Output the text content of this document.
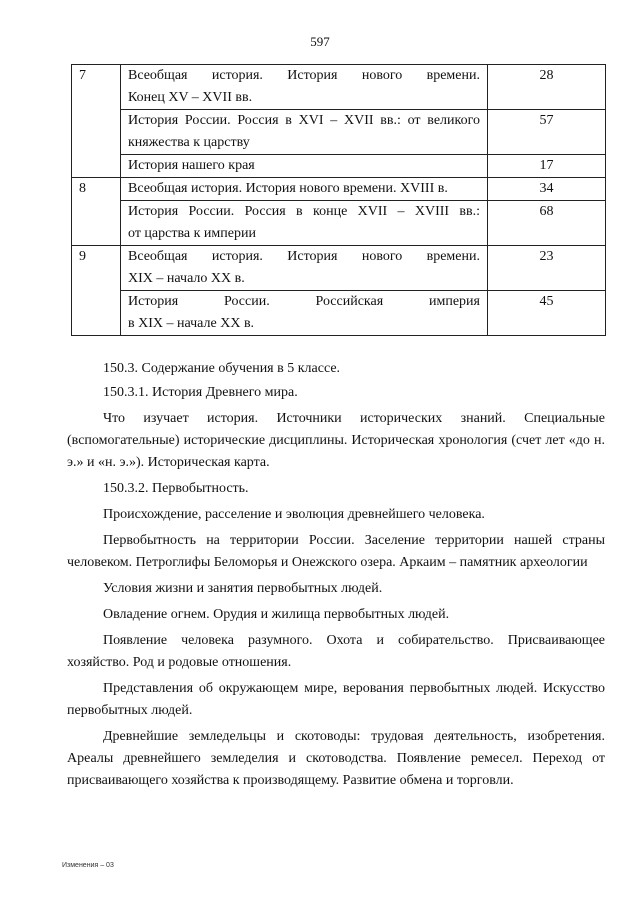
597
7	Всеобщая история. История нового времени.
Конец XV – XVII вв.	28

	История России. Россия в XVI – XVII вв.: от великого
княжества к царству	57
	История нашего края	17
8	Всеобщая история. История нового времени. XVIII в.	34

	История России. Россия в конце XVII – XVIII вв.:
от царства к империи	68
9	Всеобщая история. История нового времени.
XIX – начало XX в.	23

	История России. Российская империя
в XIX – начале XX в.	45

150.3. Содержание обучения в 5 классе.

150.3.1. История Древнего мира.

Что изучает история. Источники исторических знаний. Специальные (вспомогательные) исторические дисциплины. Историческая хронология (счет лет «до н. э.» и «н. э.»). Историческая карта.

150.3.2. Первобытность.

Происхождение, расселение и эволюция древнейшего человека.

Первобытность на территории России. Заселение территории нашей страны человеком. Петроглифы Беломорья и Онежского озера. Аркаим – памятник археологии

Условия жизни и занятия первобытных людей.

Овладение огнем. Орудия и жилища первобытных людей.

Появление человека разумного. Охота и собирательство. Присваивающее хозяйство. Род и родовые отношения.

Представления об окружающем мире, верования первобытных людей. Искусство первобытных людей.

Древнейшие земледельцы и скотоводы: трудовая деятельность, изобретения. Ареалы древнейшего земледелия и скотоводства. Появление ремесел. Переход от присваивающего хозяйства к производящему. Развитие обмена и торговли.

Изменения – 03
